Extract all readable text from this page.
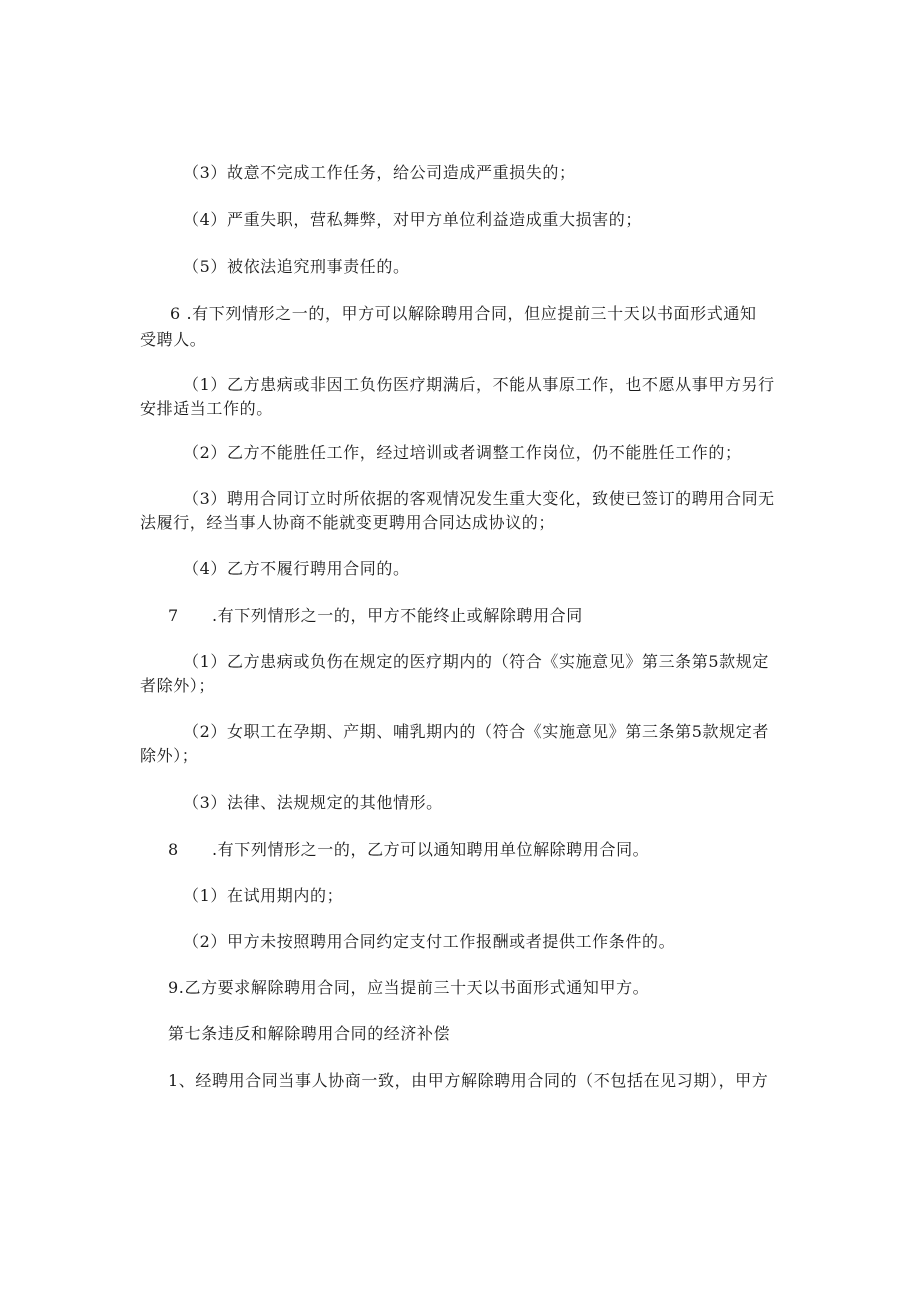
（3）故意不完成工作任务，给公司造成严重损失的；
（4）严重失职，营私舞弊，对甲方单位利益造成重大损害的；
（5）被依法追究刑事责任的。
6 .有下列情形之一的，甲方可以解除聘用合同，但应提前三十天以书面形式通知
受聘人。
（1）乙方患病或非因工负伤医疗期满后，不能从事原工作，也不愿从事甲方另行
安排适当工作的。
（2）乙方不能胜任工作，经过培训或者调整工作岗位，仍不能胜任工作的；
（3）聘用合同订立时所依据的客观情况发生重大变化，致使已签订的聘用合同无
法履行，经当事人协商不能就变更聘用合同达成协议的；
（4）乙方不履行聘用合同的。
7 .有下列情形之一的，甲方不能终止或解除聘用合同
（1）乙方患病或负伤在规定的医疗期内的（符合《实施意见》第三条第5款规定
者除外）；
（2）女职工在孕期、产期、哺乳期内的（符合《实施意见》第三条第5款规定者
除外）；
（3）法律、法规规定的其他情形。
8 .有下列情形之一的，乙方可以通知聘用单位解除聘用合同。
（1）在试用期内的；
（2）甲方未按照聘用合同约定支付工作报酬或者提供工作条件的。
9.乙方要求解除聘用合同，应当提前三十天以书面形式通知甲方。
第七条违反和解除聘用合同的经济补偿
1、经聘用合同当事人协商一致，由甲方解除聘用合同的（不包括在见习期），甲方
